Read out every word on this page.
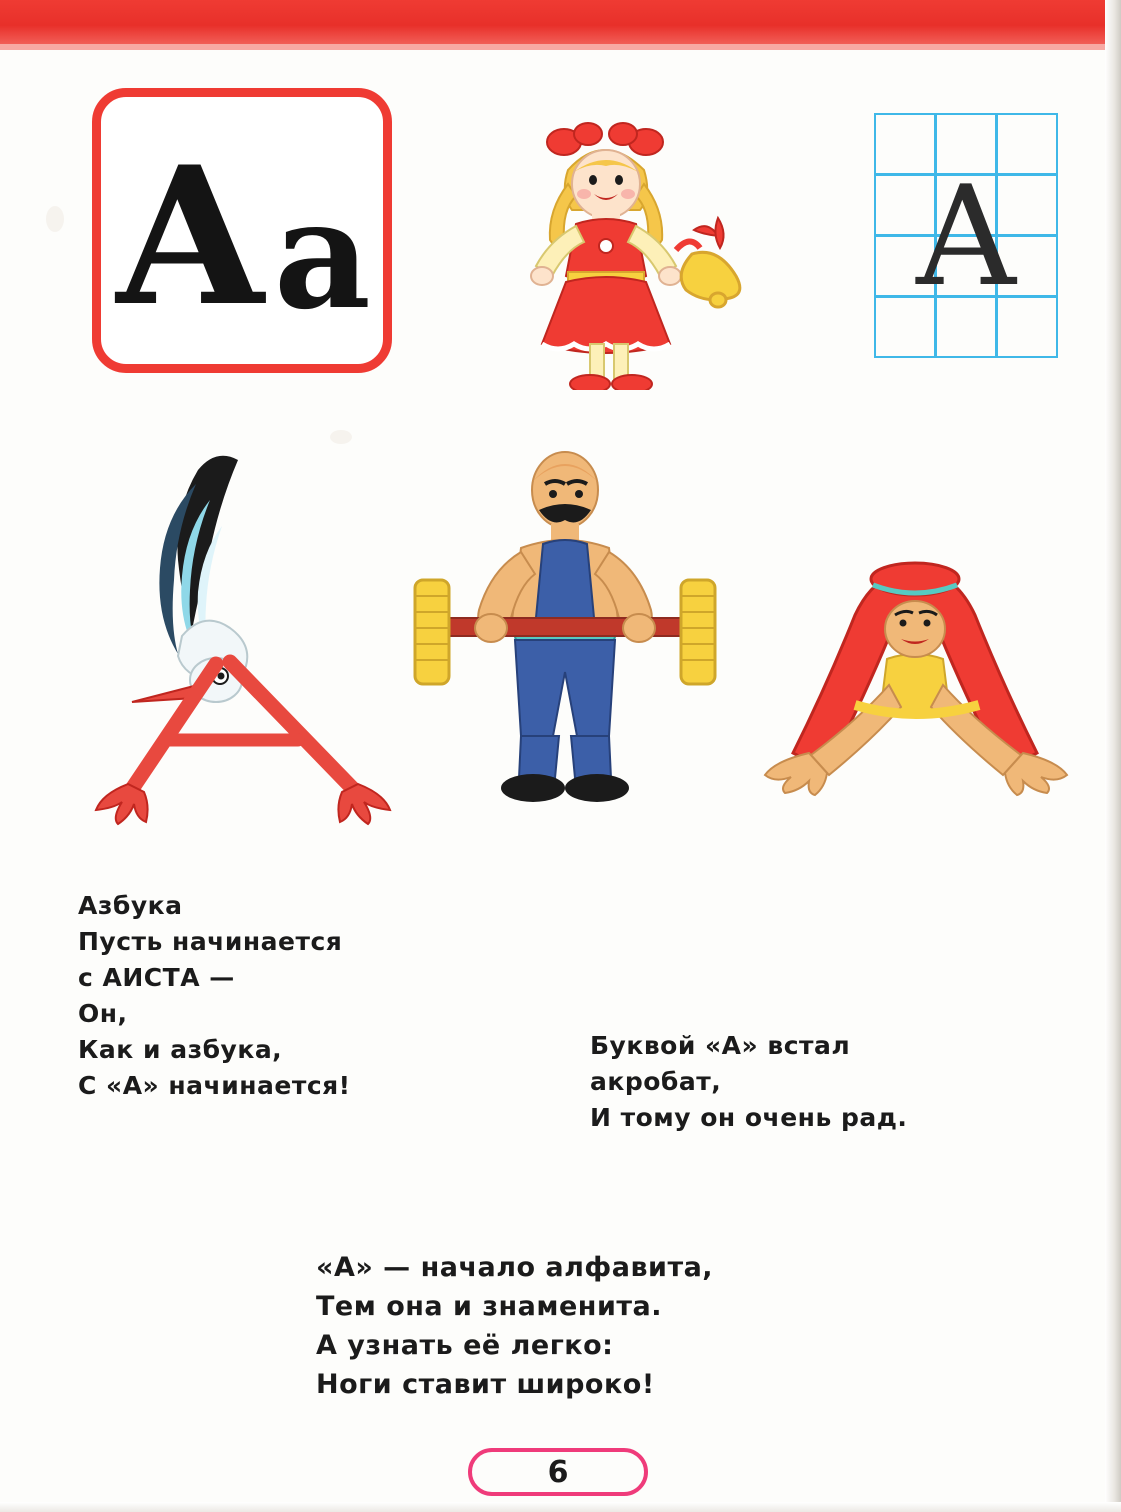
А а	А
Азбука
Пусть начинается
с АИСТА —
Он,
Как и азбука,
С «А» начинается!
Буквой «А» встал
акробат,
И тому он очень рад.
«А» — начало алфавита,
Тем она и знаменита.
А узнать её легко:
Ноги ставит широко!
6
